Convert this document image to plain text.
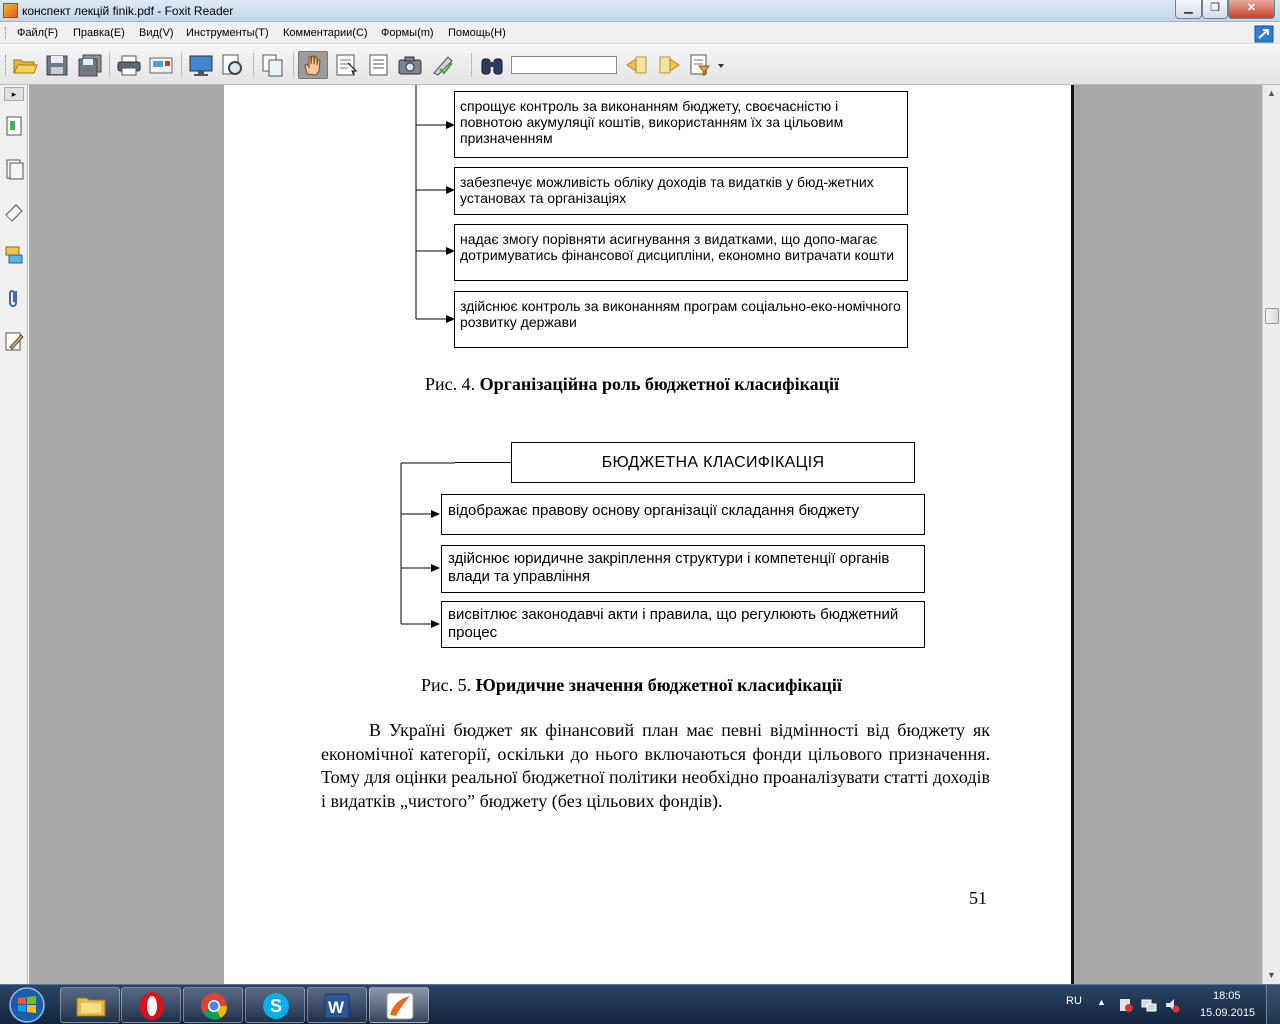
конспект лекцій finik.pdf - Foxit Reader	▁	❐	✕
Файл(F) Правка(E) Вид(V) Инструменты(T) Комментарии(C) Формы(m) Помощь(H)
▸
спрощує контроль за виконанням бюджету, своєчасністю і повнотою акумуляції коштів, використанням їх за цільовим призначенням
забезпечує можливість обліку доходів та видатків у бюд-жетних установах та організаціях
надає змогу порівняти асигнування з видатками, що допо-магає дотримуватись фінансової дисципліни, економно витрачати кошти
здійснює контроль за виконанням програм соціально-еко-номічного розвитку держави
Рис. 4. Організаційна роль бюджетної класифікації
БЮДЖЕТНА КЛАСИФІКАЦІЯ
відображає правову основу організації складання бюджету
здійснює юридичне закріплення структури і компетенції органів влади та управління
висвітлює законодавчі акти і правила, що регулюють бюджетний процес
Рис. 5. Юридичне значення бюджетної класифікації
В Україні бюджет як фінансовий план має певні відмінності від бюджету як економічної категорії, оскільки до нього включаються фонди цільового призначення. Тому для оцінки реальної бюджетної політики необхідно проаналізувати статті доходів і видатків „чистого” бюджету (без цільових фондів).
51
▲
▼
S	W	RU ▲	18:05
15.09.2015
